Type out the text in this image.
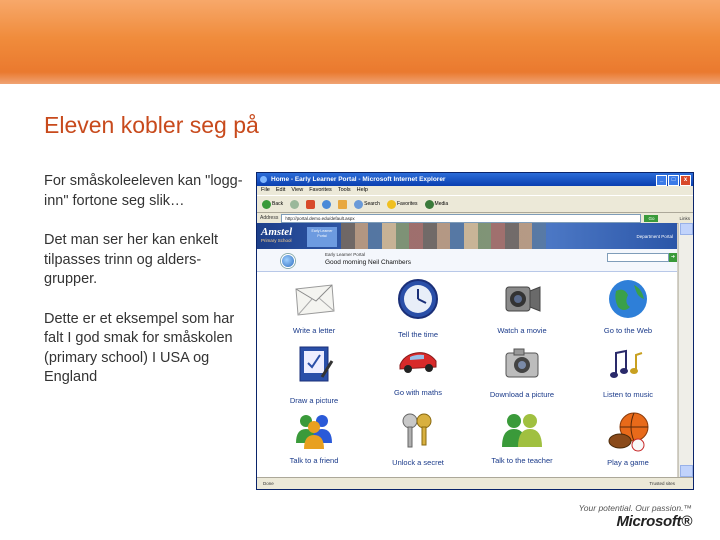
Eleven kobler seg på

For småskoleeleven kan "logg-inn" fortone seg slik…

Det man ser her kan enkelt tilpasses trinn og alders-grupper.

Dette er et eksempel som har falt I god smak for småskolen (primary school) I USA og England

Home - Early Learner Portal - Microsoft Internet Explorer	_	□	x
File Edit View Favorites Tools Help
Back	Search	Favorites	Media
Address	http://portal.demo.edu/default.aspx	Go	Links
Amstel
Primary School
Early Learner Portal	Department Portal
Early Learner Portal
Good morning Neil Chambers
➜
Write a letter	Tell the time	Watch a movie	Go to the Web
Draw a picture
Go with maths	Download a picture	Listen to music
Talk to a friend	Unlock a secret	Talk to the teacher	Play a game
Done	Trusted sites
Your potential. Our passion.™
Microsoft®
